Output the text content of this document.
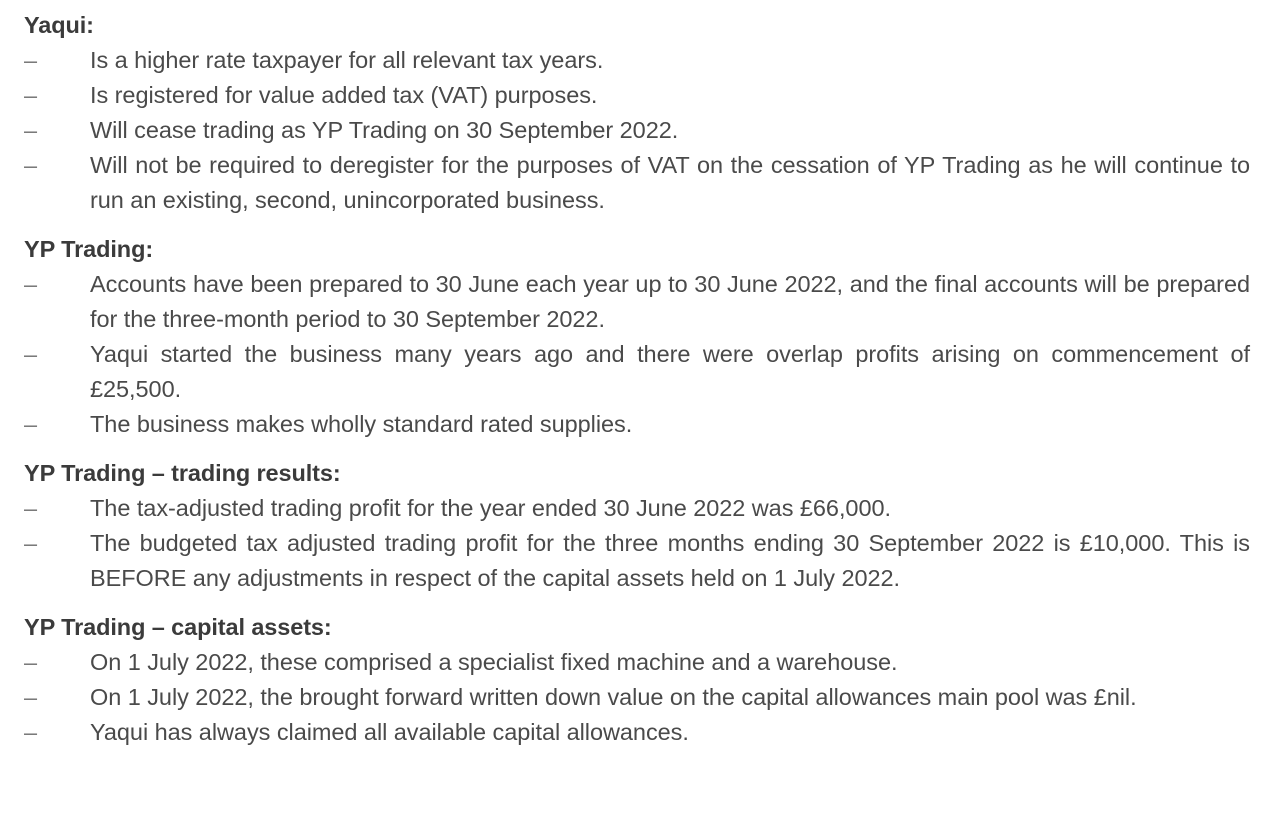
Yaqui:
–	Is a higher rate taxpayer for all relevant tax years.
–	Is registered for value added tax (VAT) purposes.
–	Will cease trading as YP Trading on 30 September 2022.
–	Will not be required to deregister for the purposes of VAT on the cessation of YP Trading as he will continue to run an existing, second, unincorporated business.
YP Trading:
–	Accounts have been prepared to 30 June each year up to 30 June 2022, and the final accounts will be prepared for the three-month period to 30 September 2022.
–	Yaqui started the business many years ago and there were overlap profits arising on commencement of £25,500.
–	The business makes wholly standard rated supplies.
YP Trading – trading results:
–	The tax-adjusted trading profit for the year ended 30 June 2022 was £66,000.
–	The budgeted tax adjusted trading profit for the three months ending 30 September 2022 is £10,000. This is BEFORE any adjustments in respect of the capital assets held on 1 July 2022.
YP Trading – capital assets:
–	On 1 July 2022, these comprised a specialist fixed machine and a warehouse.
–	On 1 July 2022, the brought forward written down value on the capital allowances main pool was £nil.
–	Yaqui has always claimed all available capital allowances.
